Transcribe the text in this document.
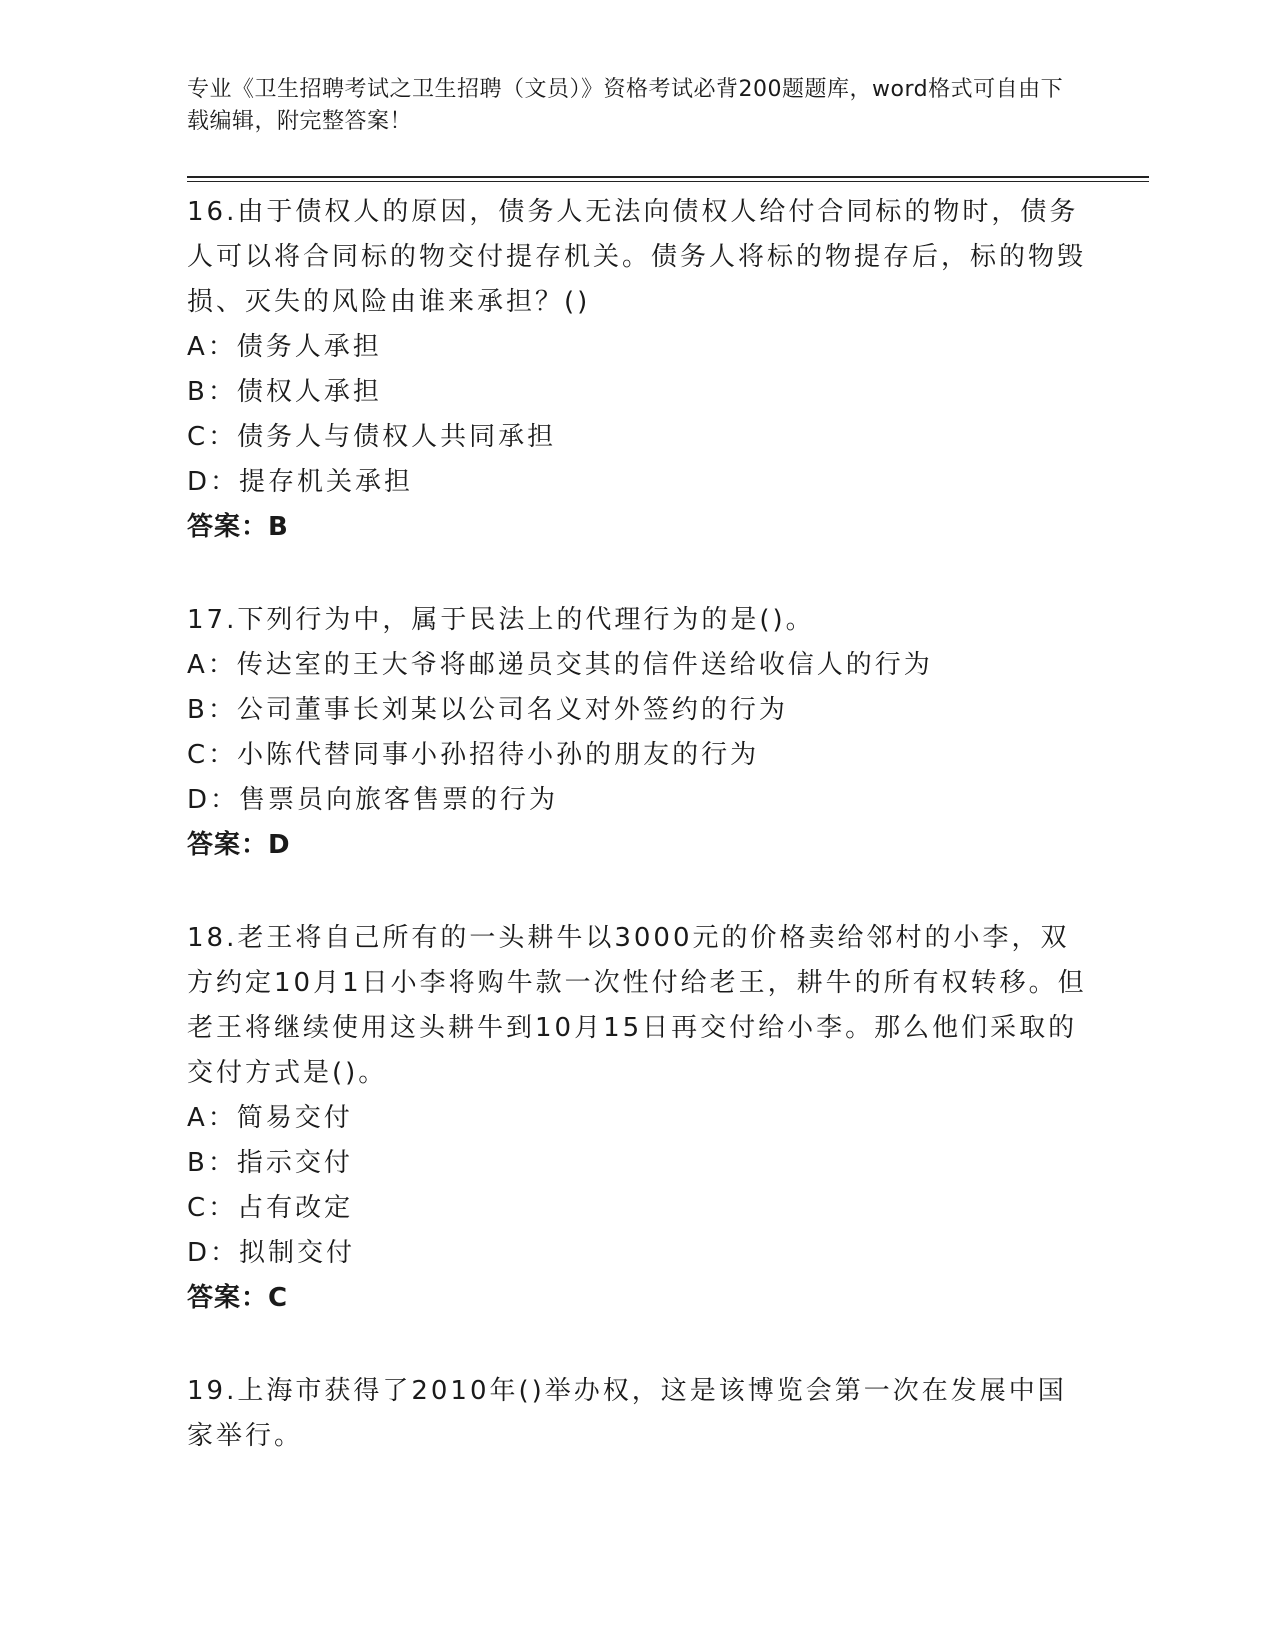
专业《卫生招聘考试之卫生招聘（文员）》资格考试必背200题题库，word格式可自由下载编辑，附完整答案！

16.由于债权人的原因，债务人无法向债权人给付合同标的物时，债务人可以将合同标的物交付提存机关。债务人将标的物提存后，标的物毁损、灭失的风险由谁来承担？()

A：债务人承担

B：债权人承担

C：债务人与债权人共同承担

D：提存机关承担

答案：B

17.下列行为中，属于民法上的代理行为的是()。

A：传达室的王大爷将邮递员交其的信件送给收信人的行为

B：公司董事长刘某以公司名义对外签约的行为

C：小陈代替同事小孙招待小孙的朋友的行为

D：售票员向旅客售票的行为

答案：D

18.老王将自己所有的一头耕牛以3000元的价格卖给邻村的小李，双方约定10月1日小李将购牛款一次性付给老王，耕牛的所有权转移。但老王将继续使用这头耕牛到10月15日再交付给小李。那么他们采取的交付方式是()。

A：简易交付

B：指示交付

C：占有改定

D：拟制交付

答案：C

19.上海市获得了2010年()举办权，这是该博览会第一次在发展中国家举行。
